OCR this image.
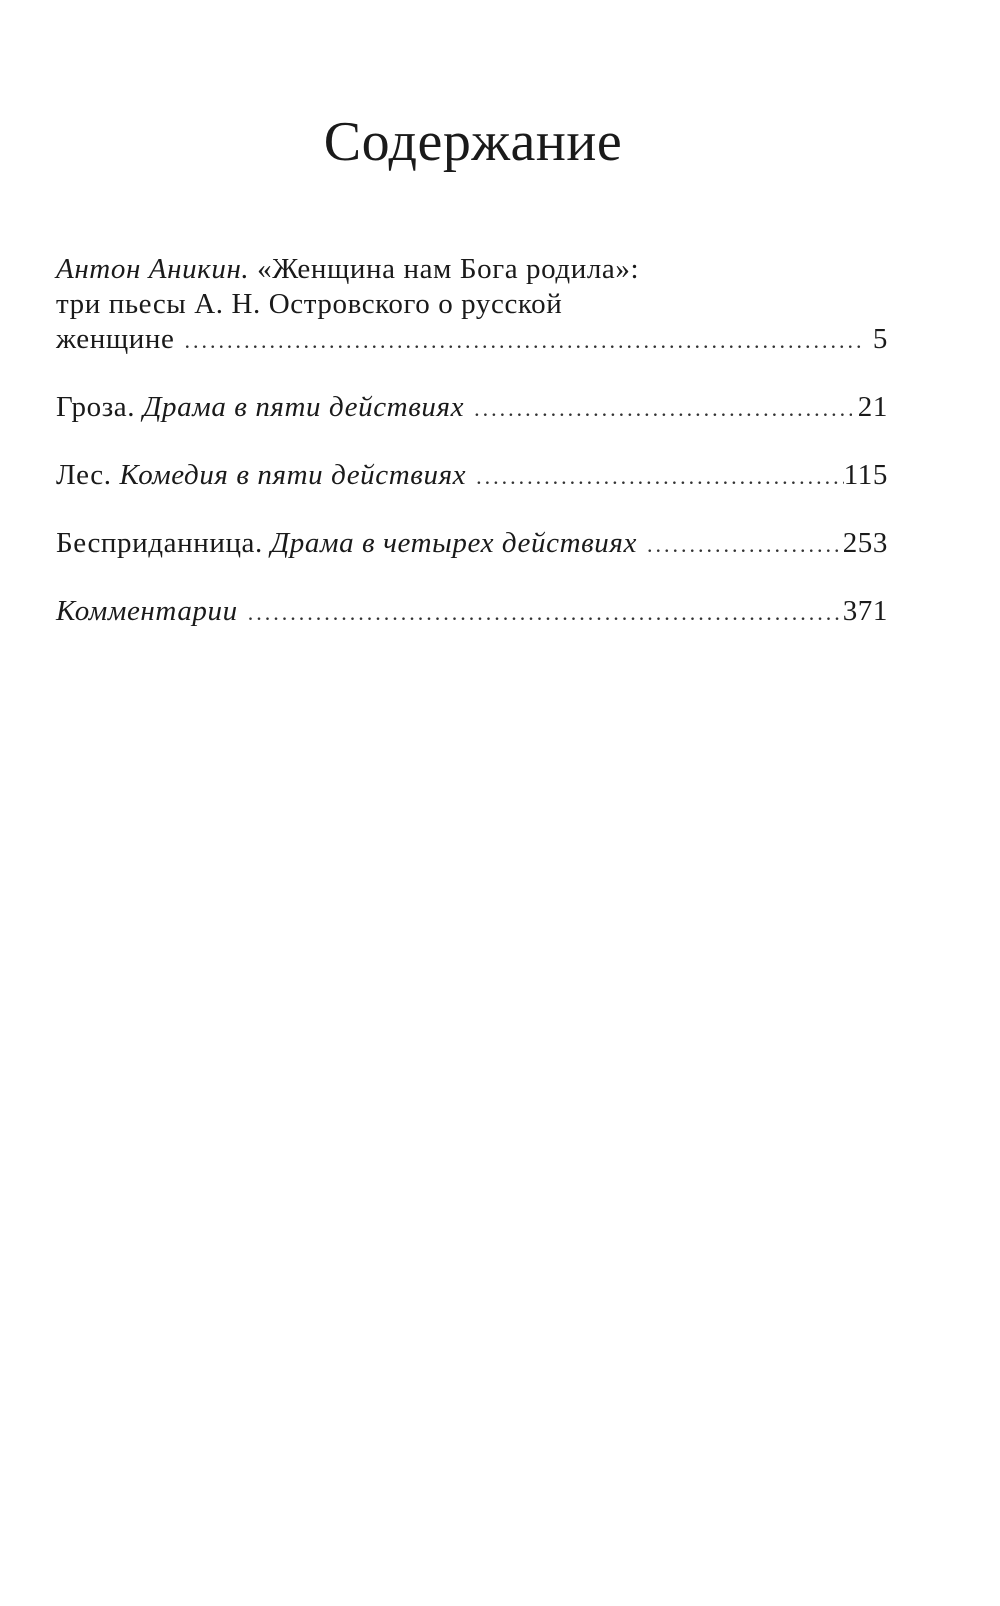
Содержание
Антон Аникин. «Женщина нам Бога родила»:
три пьесы А. Н. Островского о русской
женщине .....	5
Гроза. Драма в пяти действиях .....	21
Лес. Комедия в пяти действиях .....	115
Бесприданница. Драма в четырех действиях .....	253
Комментарии .....	371
